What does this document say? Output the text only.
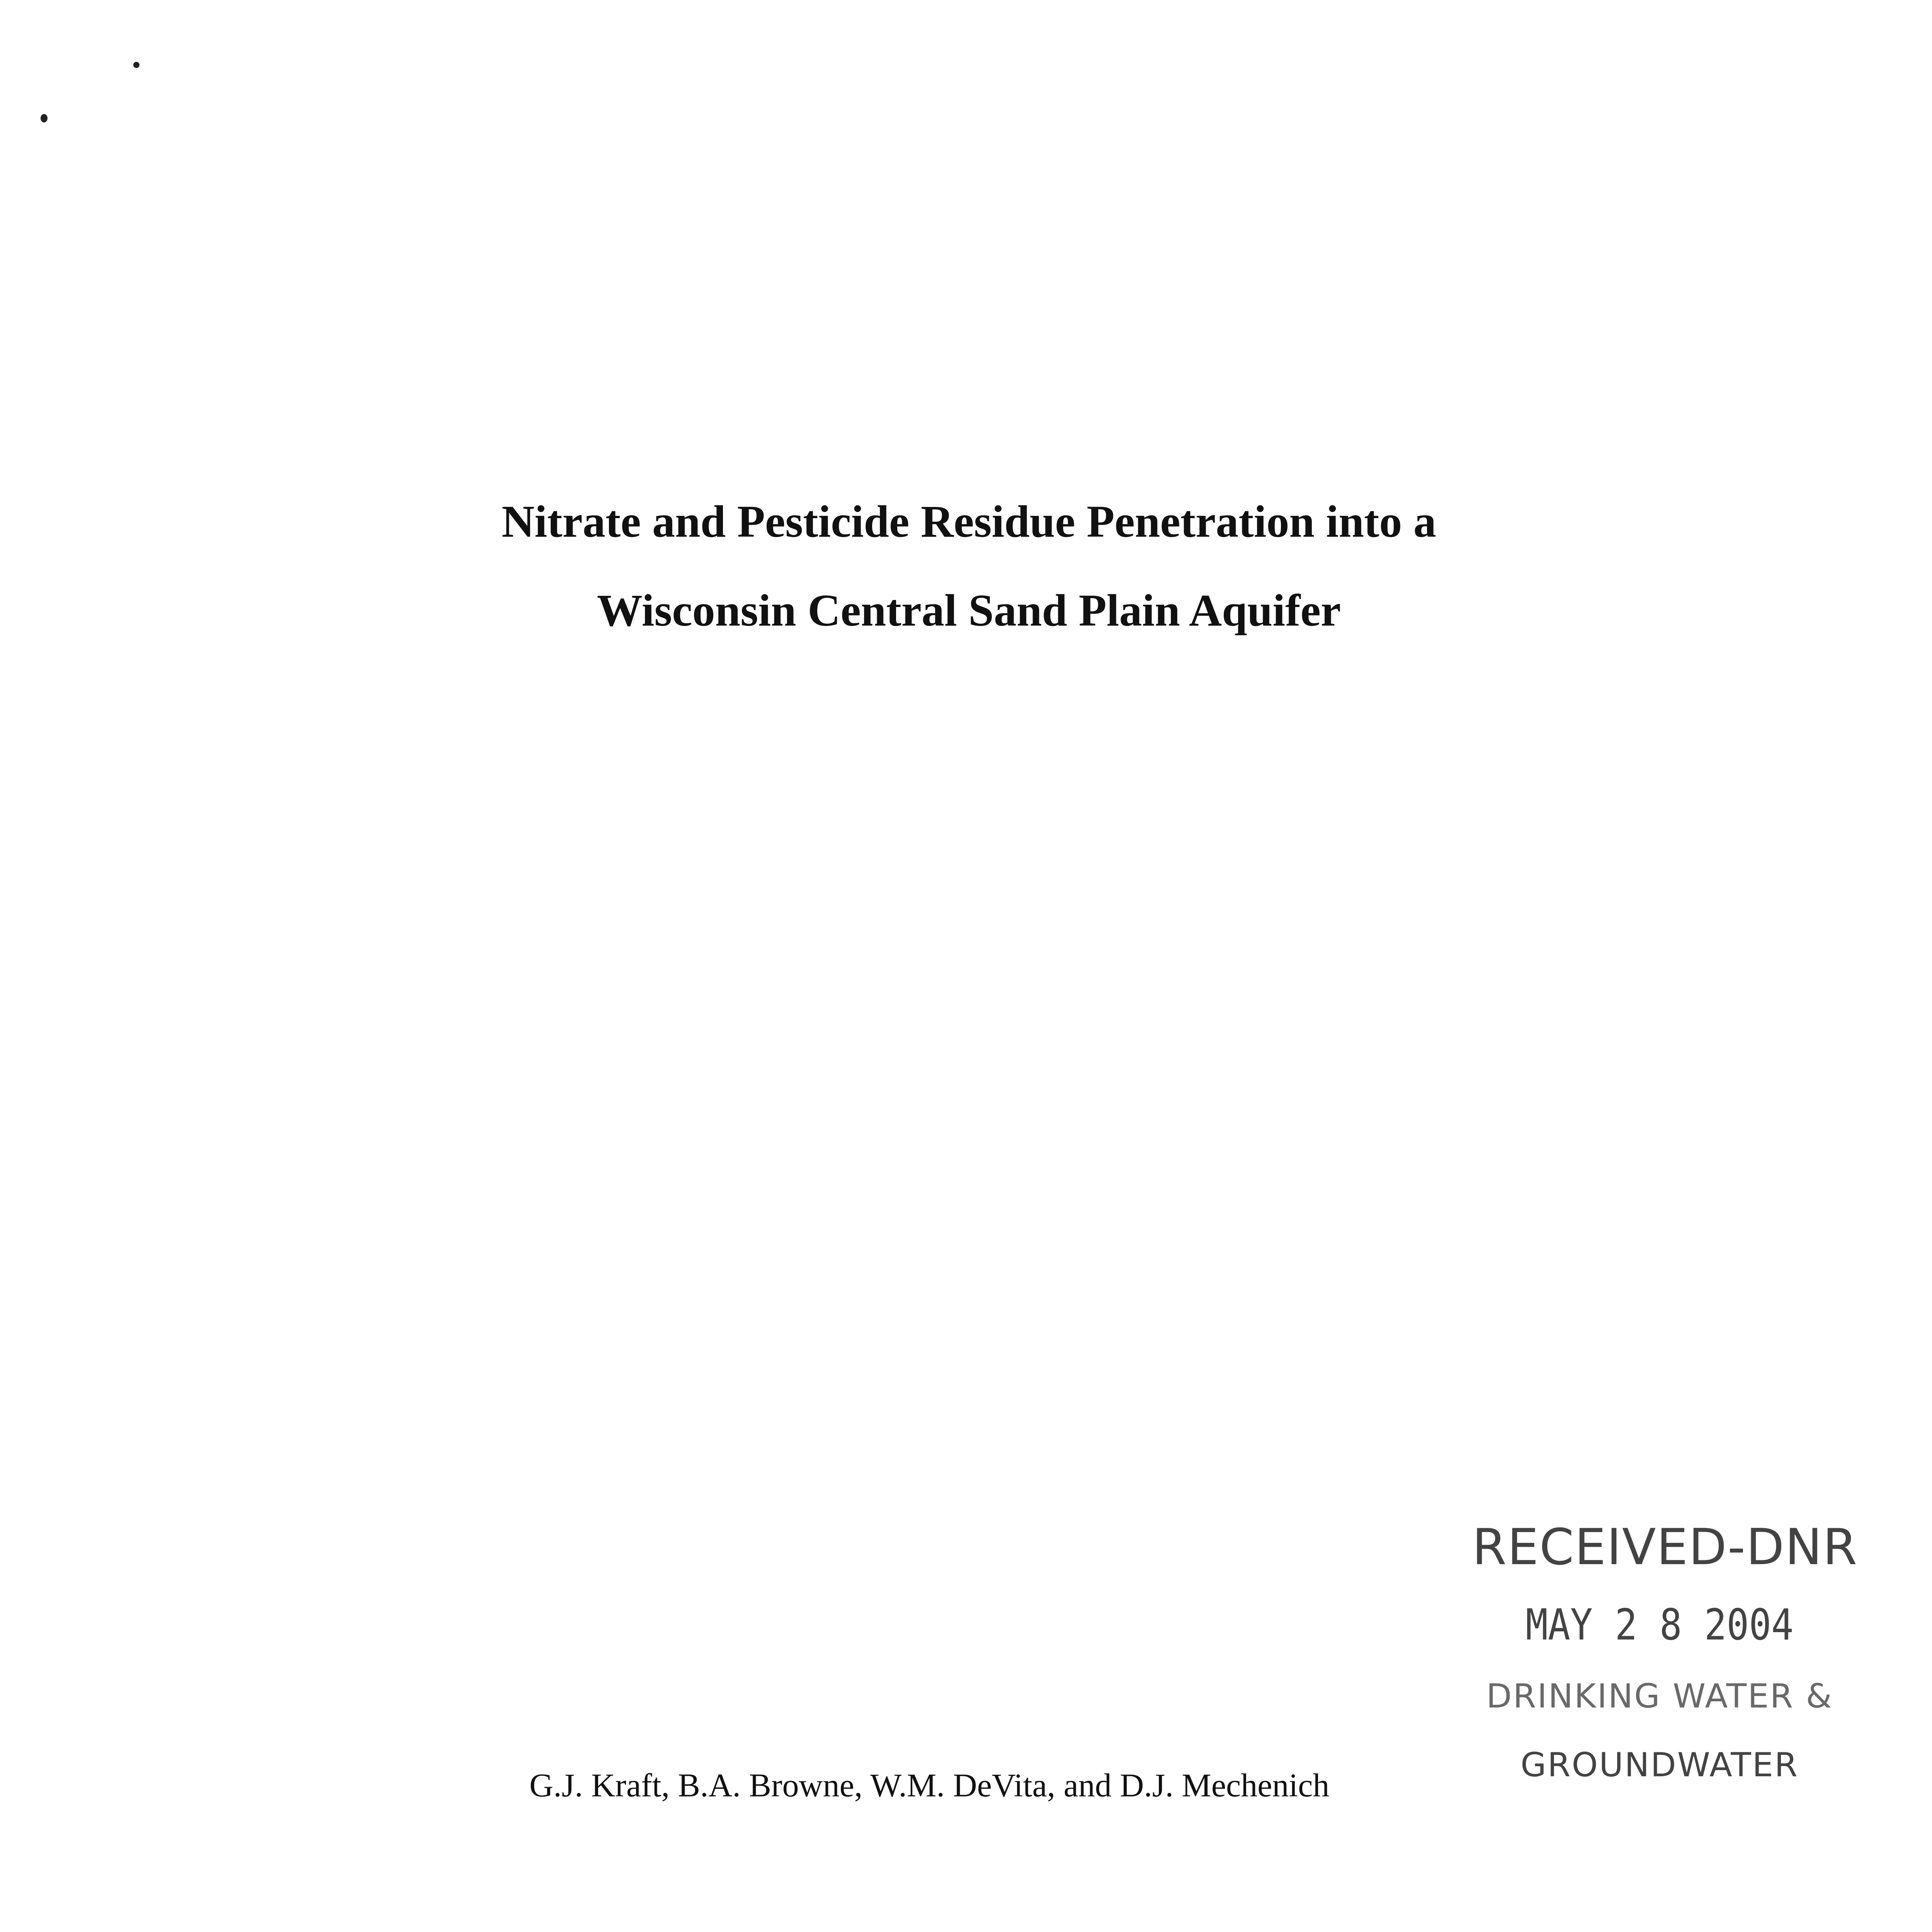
Nitrate and Pesticide Residue Penetration into a
Wisconsin Central Sand Plain Aquifer
RECEIVED-DNR
MAY 2 8 2004
DRINKING WATER &
GROUNDWATER
G.J. Kraft, B.A. Browne, W.M. DeVita, and D.J. Mechenich
